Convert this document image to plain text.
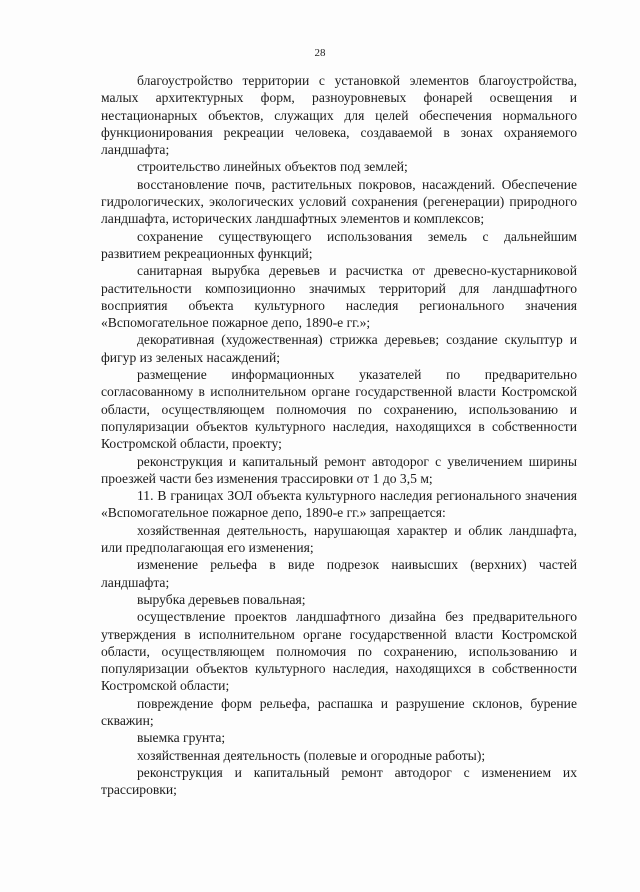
28

благоустройство территории с установкой элементов благоустройства, малых архитектурных форм, разноуровневых фонарей освещения и нестационарных объектов, служащих для целей обеспечения нормального функционирования рекреации человека, создаваемой в зонах охраняемого ландшафта;

строительство линейных объектов под землей;

восстановление почв, растительных покровов, насаждений. Обеспечение гидрологических, экологических условий сохранения (регенерации) природного ландшафта, исторических ландшафтных элементов и комплексов;

сохранение существующего использования земель с дальнейшим развитием рекреационных функций;

санитарная вырубка деревьев и расчистка от древесно-кустарниковой растительности композиционно значимых территорий для ландшафтного восприятия объекта культурного наследия регионального значения «Вспомогательное пожарное депо, 1890-е гг.»;

декоративная (художественная) стрижка деревьев; создание скульптур и фигур из зеленых насаждений;

размещение информационных указателей по предварительно согласованному в исполнительном органе государственной власти Костромской области, осуществляющем полномочия по сохранению, использованию и популяризации объектов культурного наследия, находящихся в собственности Костромской области, проекту;

реконструкция и капитальный ремонт автодорог с увеличением ширины проезжей части без изменения трассировки от 1 до 3,5 м;

11. В границах ЗОЛ объекта культурного наследия регионального значения «Вспомогательное пожарное депо, 1890-е гг.» запрещается:

хозяйственная деятельность, нарушающая характер и облик ландшафта, или предполагающая его изменения;

изменение рельефа в виде подрезок наивысших (верхних) частей ландшафта;

вырубка деревьев повальная;

осуществление проектов ландшафтного дизайна без предварительного утверждения в исполнительном органе государственной власти Костромской области, осуществляющем полномочия по сохранению, использованию и популяризации объектов культурного наследия, находящихся в собственности Костромской области;

повреждение форм рельефа, распашка и разрушение склонов, бурение скважин;

выемка грунта;

хозяйственная деятельность (полевые и огородные работы);

реконструкция и капитальный ремонт автодорог с изменением их трассировки;
